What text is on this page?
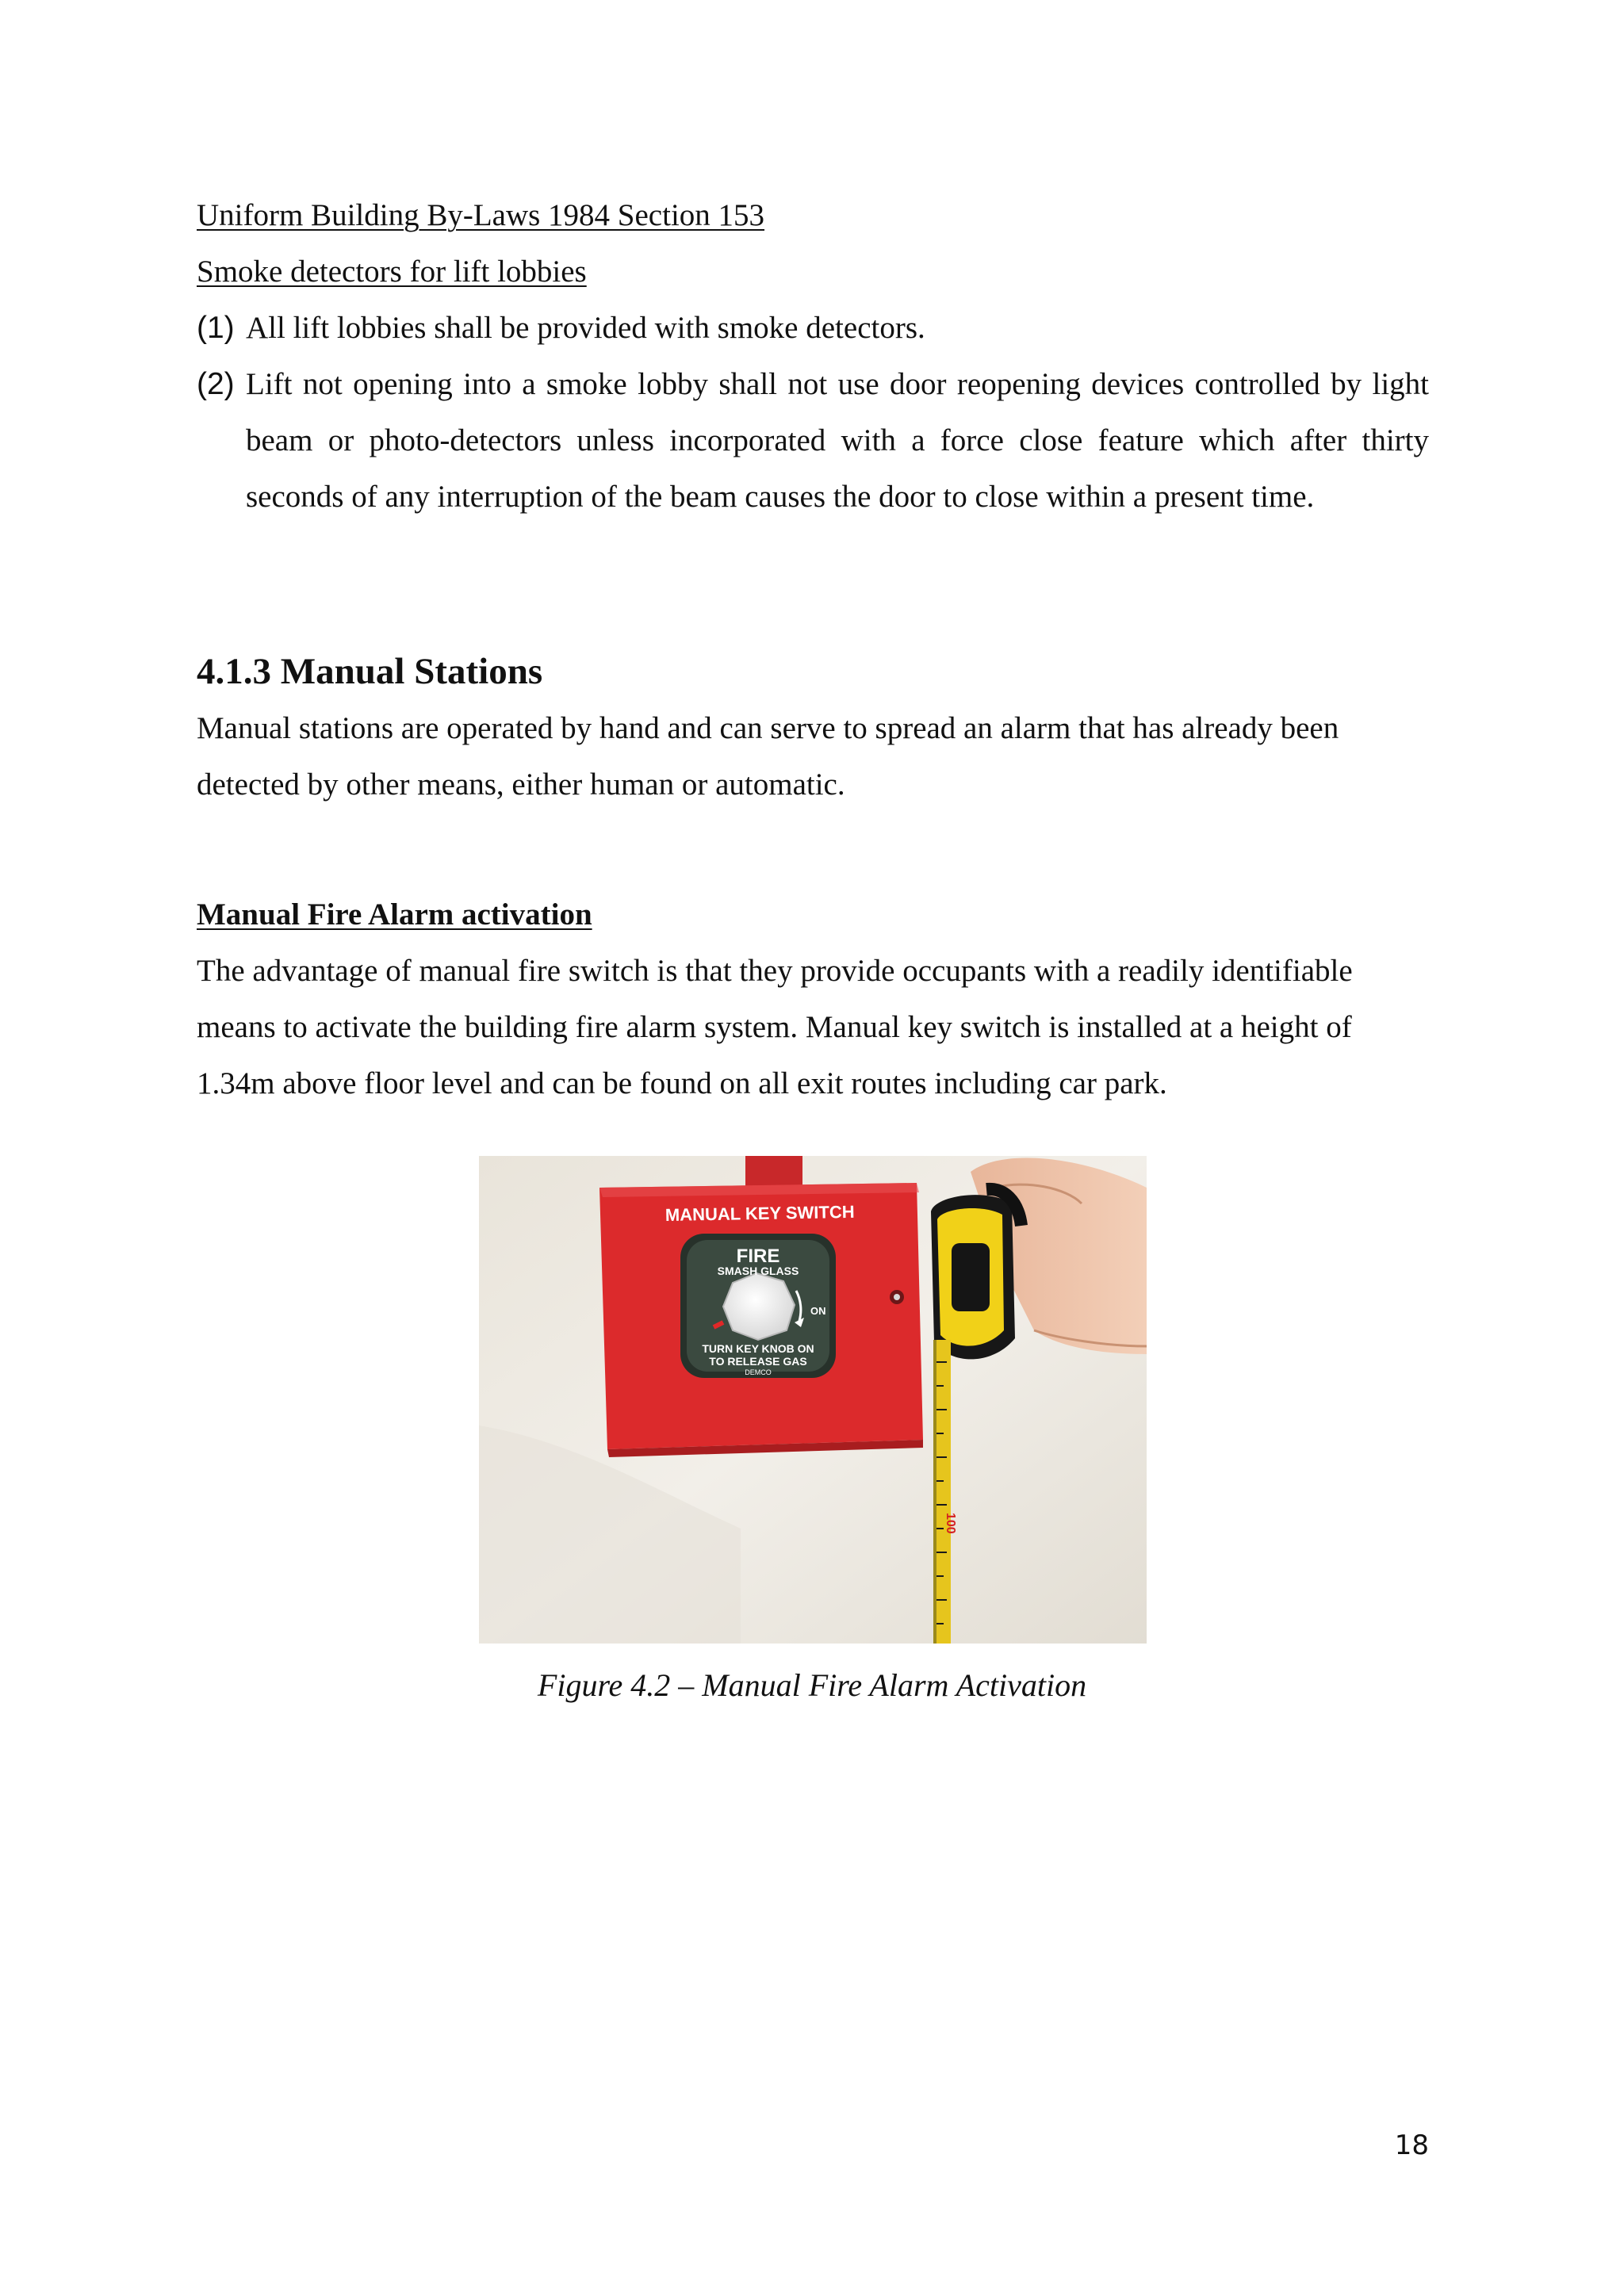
Uniform Building By-Laws 1984 Section 153
Smoke detectors for lift lobbies
(1) All lift lobbies shall be provided with smoke detectors.
(2) Lift not opening into a smoke lobby shall not use door reopening devices controlled by light beam or photo-detectors unless incorporated with a force close feature which after thirty seconds of any interruption of the beam causes the door to close within a present time.
4.1.3 Manual Stations
Manual stations are operated by hand and can serve to spread an alarm that has already been detected by other means, either human or automatic.
Manual Fire Alarm activation
The advantage of manual fire switch is that they provide occupants with a readily identifiable means to activate the building fire alarm system. Manual key switch is installed at a height of 1.34m above floor level and can be found on all exit routes including car park.
MANUAL KEY SWITCH
FIRE
SMASH GLASS
ON
TURN KEY KNOB ON
TO RELEASE GAS
DEMCO
100
Figure 4.2 – Manual Fire Alarm Activation
18
